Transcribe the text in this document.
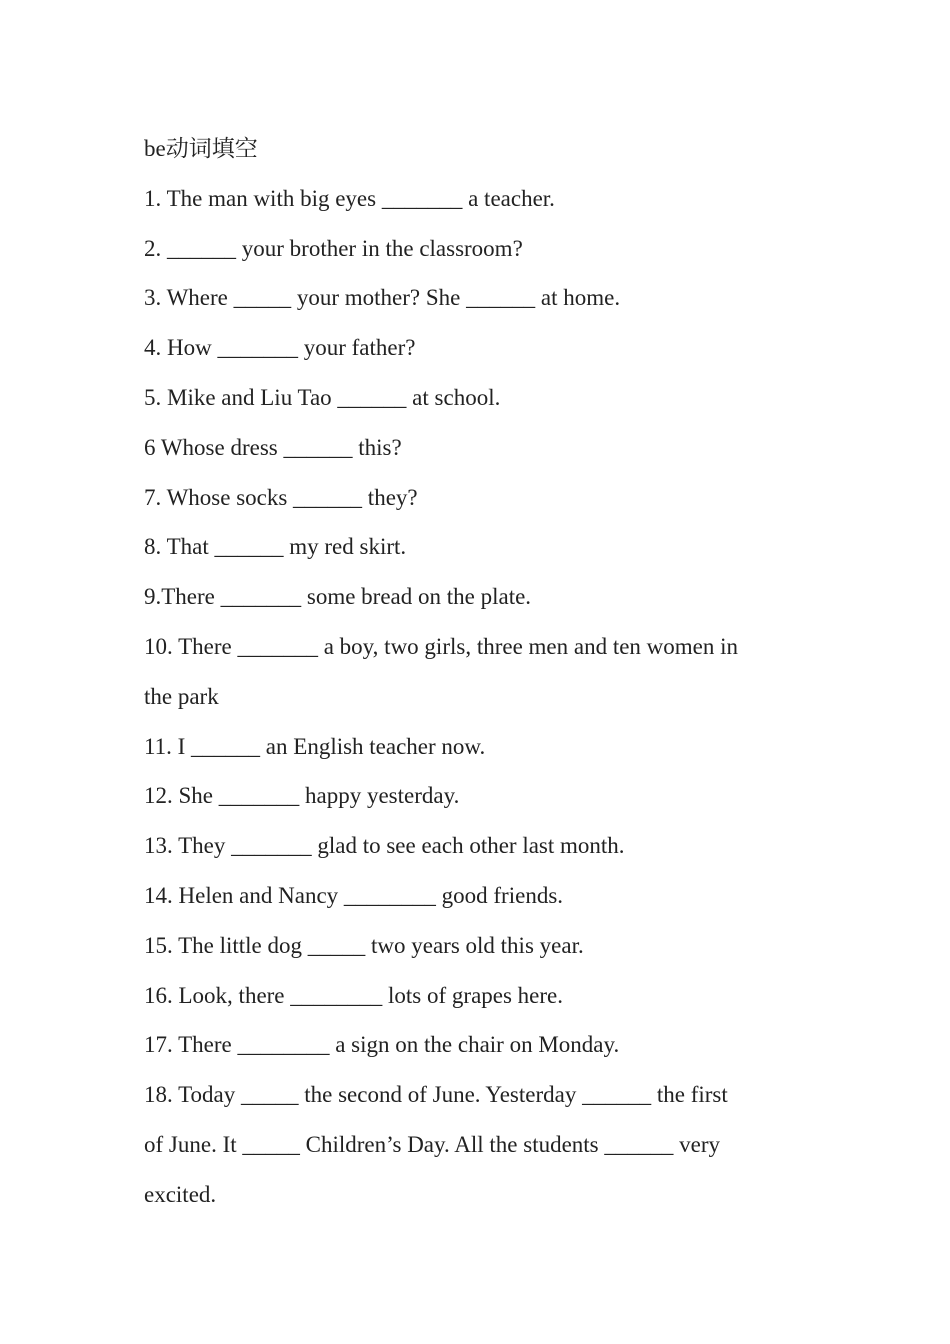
be动词填空
1. The man with big eyes _______ a teacher.
2. ______ your brother in the classroom?
3. Where _____ your mother? She ______ at home.
4. How _______ your father?
5. Mike and Liu Tao ______ at school.
6 Whose dress ______ this?
7. Whose socks ______ they?
8. That ______ my red skirt.
9.There _______ some bread on the plate.
10. There _______ a boy, two girls, three men and ten women in
the park
11. I ______ an English teacher now.
12. She _______ happy yesterday.
13. They _______ glad to see each other last month.
14. Helen and Nancy ________ good friends.
15. The little dog _____ two years old this year.
16. Look, there ________ lots of grapes here.
17. There ________ a sign on the chair on Monday.
18. Today _____ the second of June. Yesterday ______ the first
of June. It _____ Children’s Day. All the students ______ very
excited.
